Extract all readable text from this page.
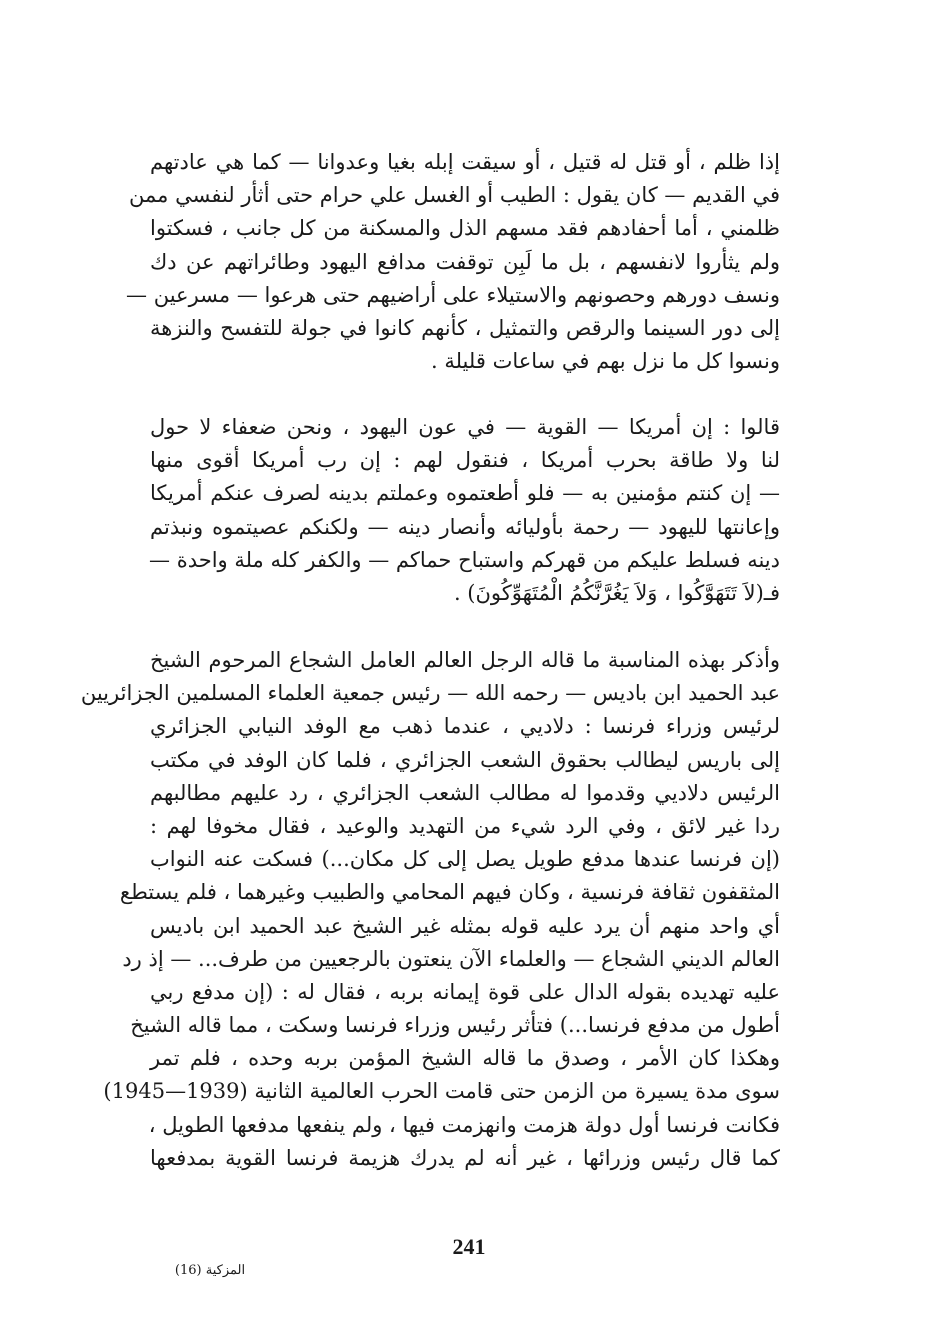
إذا ظلم ، أو قتل له قتيل ، أو سيقت إبله بغيا وعدوانا — كما هي عادتهم
في القديم — كان يقول : الطيب أو الغسل علي حرام حتى أثأر لنفسي ممن
ظلمني ، أما أحفادهم فقد مسهم الذل والمسكنة من كل جانب ، فسكتوا
ولم يثأروا لانفسهم ، بل ما لَبِن توقفت مدافع اليهود وطائراتهم عن دك
ونسف دورهم وحصونهم والاستيلاء على أراضيهم حتى هرعوا — مسرعين —
إلى دور السينما والرقص والتمثيل ، كأنهم كانوا في جولة للتفسح والنزهة
ونسوا كل ما نزل بهم في ساعات قليلة .
قالوا : إن أمريكا — القوية — في عون اليهود ، ونحن ضعفاء لا حول
لنا ولا طاقة بحرب أمريكا ، فنقول لهم : إن رب أمريكا أقوى منها
— إن كنتم مؤمنين به — فلو أطعتموه وعملتم بدينه لصرف عنكم أمريكا
وإعانتها لليهود — رحمة بأوليائه وأنصار دينه — ولكنكم عصيتموه ونبذتم
دينه فسلط عليكم من قهركم واستباح حماكم — والكفر كله ملة واحدة —
فـ(لاَ تَتَهَوَّكُوا ، وَلاَ يَغُرَّنَّكُمُ الْمُتَهَوِّكُونَ) .
وأذكر بهذه المناسبة ما قاله الرجل العالم العامل الشجاع المرحوم الشيخ
عبد الحميد ابن باديس — رحمه الله — رئيس جمعية العلماء المسلمين الجزائريين
لرئيس وزراء فرنسا : دلاديي ، عندما ذهب مع الوفد النيابي الجزائري
إلى باريس ليطالب بحقوق الشعب الجزائري ، فلما كان الوفد في مكتب
الرئيس دلاديي وقدموا له مطالب الشعب الجزائري ، رد عليهم مطالبهم
ردا غير لائق ، وفي الرد شيء من التهديد والوعيد ، فقال مخوفا لهم :
(إن فرنسا عندها مدفع طويل يصل إلى كل مكان...) فسكت عنه النواب
المثقفون ثقافة فرنسية ، وكان فيهم المحامي والطبيب وغيرهما ، فلم يستطع
أي واحد منهم أن يرد عليه قوله بمثله غير الشيخ عبد الحميد ابن باديس
العالم الديني الشجاع — والعلماء الآن ينعتون بالرجعيين من طرف... — إذ رد
عليه تهديده بقوله الدال على قوة إيمانه بربه ، فقال له : (إن مدفع ربي
أطول من مدفع فرنسا...) فتأثر رئيس وزراء فرنسا وسكت ، مما قاله الشيخ
وهكذا كان الأمر ، وصدق ما قاله الشيخ المؤمن بربه وحده ، فلم تمر
سوى مدة يسيرة من الزمن حتى قامت الحرب العالمية الثانية (1939—1945)
فكانت فرنسا أول دولة هزمت وانهزمت فيها ، ولم ينفعها مدفعها الطويل ،
كما قال رئيس وزرائها ، غير أنه لم يدرك هزيمة فرنسا القوية بمدفعها
241
المزكية (16)
